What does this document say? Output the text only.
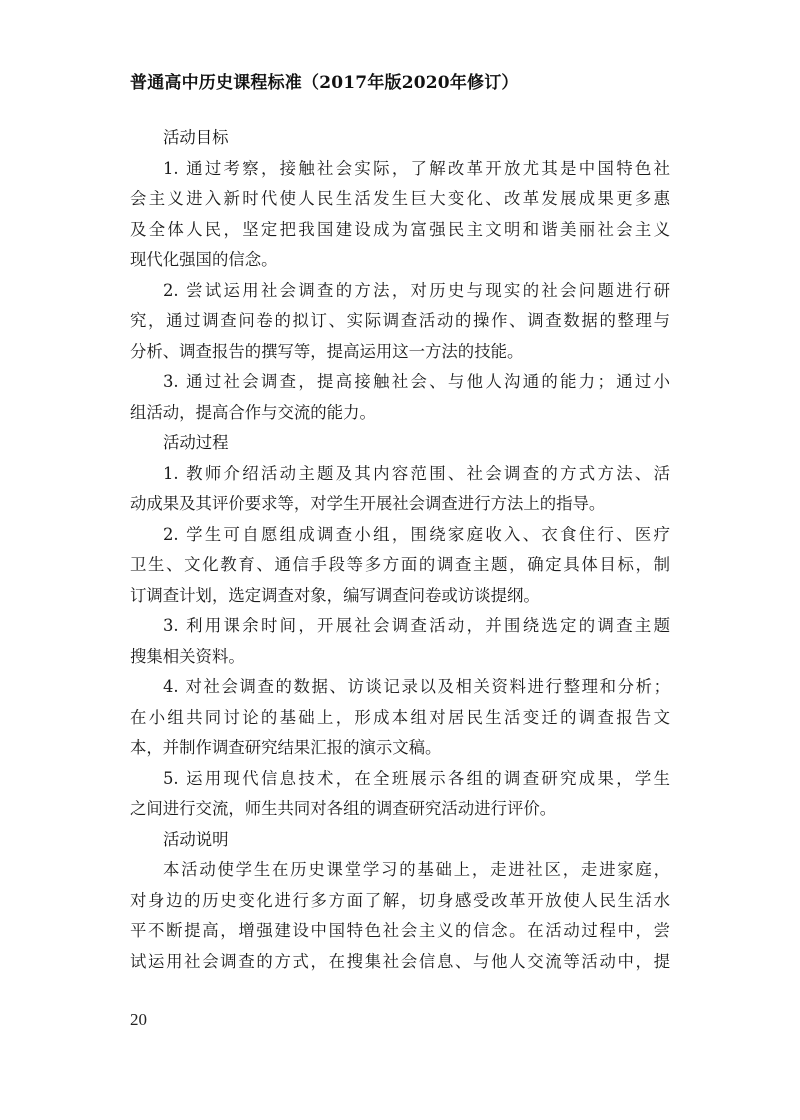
普通高中历史课程标准（2017年版2020年修订）
活动目标
1. 通过考察，接触社会实际，了解改革开放尤其是中国特色社
会主义进入新时代使人民生活发生巨大变化、改革发展成果更多惠
及全体人民，坚定把我国建设成为富强民主文明和谐美丽社会主义
现代化强国的信念。
2. 尝试运用社会调查的方法，对历史与现实的社会问题进行研
究，通过调查问卷的拟订、实际调查活动的操作、调查数据的整理与
分析、调查报告的撰写等，提高运用这一方法的技能。
3. 通过社会调查，提高接触社会、与他人沟通的能力；通过小
组活动，提高合作与交流的能力。
活动过程
1. 教师介绍活动主题及其内容范围、社会调查的方式方法、活
动成果及其评价要求等，对学生开展社会调查进行方法上的指导。
2. 学生可自愿组成调查小组，围绕家庭收入、衣食住行、医疗
卫生、文化教育、通信手段等多方面的调查主题，确定具体目标，制
订调查计划，选定调查对象，编写调查问卷或访谈提纲。
3. 利用课余时间，开展社会调查活动，并围绕选定的调查主题
搜集相关资料。
4. 对社会调查的数据、访谈记录以及相关资料进行整理和分析；
在小组共同讨论的基础上，形成本组对居民生活变迁的调查报告文
本，并制作调查研究结果汇报的演示文稿。
5. 运用现代信息技术，在全班展示各组的调查研究成果，学生
之间进行交流，师生共同对各组的调查研究活动进行评价。
活动说明
本活动使学生在历史课堂学习的基础上，走进社区，走进家庭，
对身边的历史变化进行多方面了解，切身感受改革开放使人民生活水
平不断提高，增强建设中国特色社会主义的信念。在活动过程中，尝
试运用社会调查的方式，在搜集社会信息、与他人交流等活动中，提
20
